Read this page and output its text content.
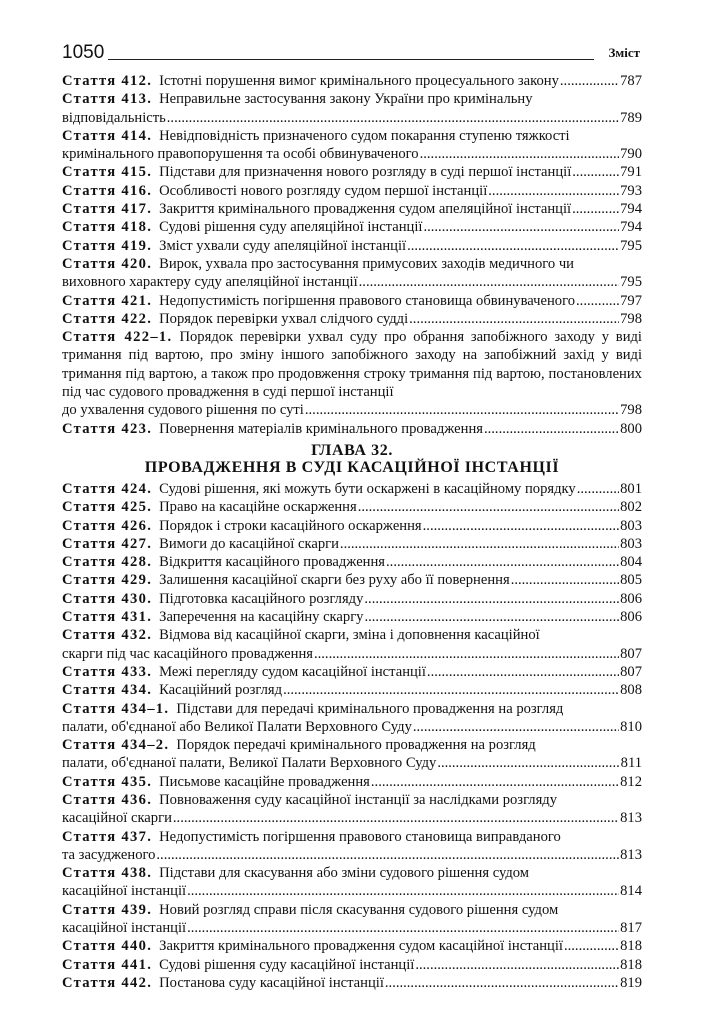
1050	Зміст
Стаття 412. Істотні порушення вимог кримінального процесуального закону .....	787
Стаття 413. Неправильне застосування закону України про кримінальну
відповідальність .....	789
Стаття 414. Невідповідність призначеного судом покарання ступеню тяжкості
кримінального правопорушення та особі обвинуваченого .....	790
Стаття 415. Підстави для призначення нового розгляду в суді першої інстанції .....	791
Стаття 416. Особливості нового розгляду судом першої інстанції .....	793
Стаття 417. Закриття кримінального провадження судом апеляційної інстанції .....	794
Стаття 418. Судові рішення суду апеляційної інстанції .....	794
Стаття 419. Зміст ухвали суду апеляційної інстанції .....	795
Стаття 420. Вирок, ухвала про застосування примусових заходів медичного чи
виховного характеру суду апеляційної інстанції .....	795
Стаття 421. Недопустимість погіршення правового становища обвинуваченого .....	797
Стаття 422. Порядок перевірки ухвал слідчого судді .....	798
Стаття 422–1. Порядок перевірки ухвал суду про обрання запобіжного заходу у виді тримання під вартою, про зміну іншого запобіжного заходу на запобіжний захід у виді тримання під вартою, а також про продовження строку тримання під вартою, постановлених під час судового провадження в суді першої інстанції
до ухвалення судового рішення по суті .....	798
Стаття 423. Повернення матеріалів кримінального провадження .....	800
ГЛАВА 32.
ПРОВАДЖЕННЯ В СУДІ КАСАЦІЙНОЇ ІНСТАНЦІЇ
Стаття 424. Судові рішення, які можуть бути оскаржені в касаційному порядку .....	801
Стаття 425. Право на касаційне оскарження .....	802
Стаття 426. Порядок і строки касаційного оскарження .....	803
Стаття 427. Вимоги до касаційної скарги .....	803
Стаття 428. Відкриття касаційного провадження .....	804
Стаття 429. Залишення касаційної скарги без руху або її повернення .....	805
Стаття 430. Підготовка касаційного розгляду .....	806
Стаття 431. Заперечення на касаційну скаргу .....	806
Стаття 432. Відмова від касаційної скарги, зміна і доповнення касаційної
скарги під час касаційного провадження .....	807
Стаття 433. Межі перегляду судом касаційної інстанції .....	807
Стаття 434. Касаційний розгляд .....	808
Стаття 434–1. Підстави для передачі кримінального провадження на розгляд
палати, об'єднаної або Великої Палати Верховного Суду .....	810
Стаття 434–2. Порядок передачі кримінального провадження на розгляд
палати, об'єднаної палати, Великої Палати Верховного Суду .....	811
Стаття 435. Письмове касаційне провадження .....	812
Стаття 436. Повноваження суду касаційної інстанції за наслідками розгляду
касаційної скарги .....	813
Стаття 437. Недопустимість погіршення правового становища виправданого
та засудженого .....	813
Стаття 438. Підстави для скасування або зміни судового рішення судом
касаційної інстанції .....	814
Стаття 439. Новий розгляд справи після скасування судового рішення судом
касаційної інстанції .....	817
Стаття 440. Закриття кримінального провадження судом касаційної інстанції .....	818
Стаття 441. Судові рішення суду касаційної інстанції .....	818
Стаття 442. Постанова суду касаційної інстанції .....	819
